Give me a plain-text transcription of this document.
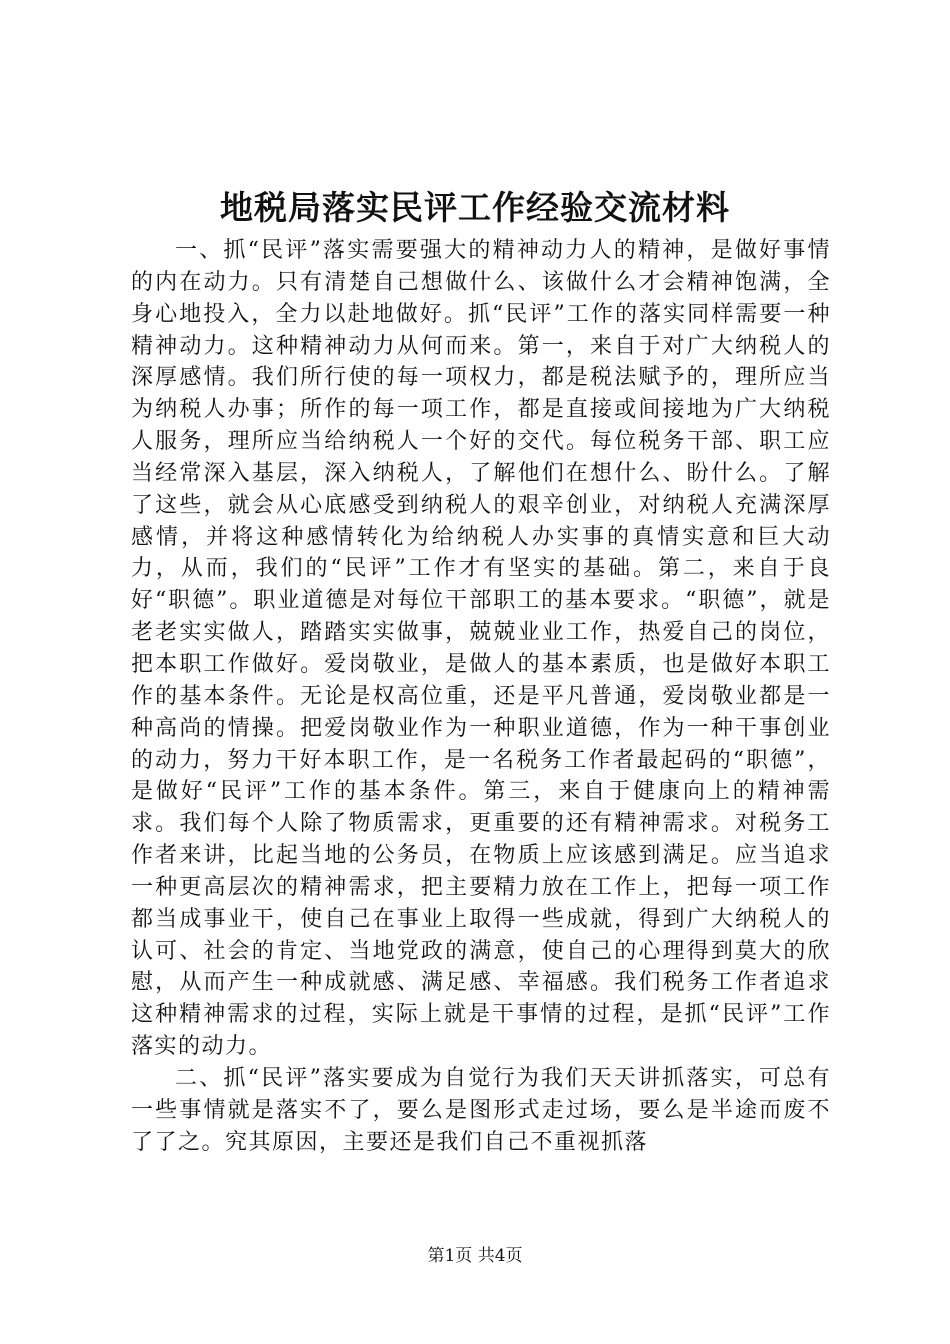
地税局落实民评工作经验交流材料

一、抓“民评”落实需要强大的精神动力人的精神，是做好事情的内在动力。只有清楚自己想做什么、该做什么才会精神饱满，全身心地投入，全力以赴地做好。抓“民评”工作的落实同样需要一种精神动力。这种精神动力从何而来。第一，来自于对广大纳税人的深厚感情。我们所行使的每一项权力，都是税法赋予的，理所应当为纳税人办事；所作的每一项工作，都是直接或间接地为广大纳税人服务，理所应当给纳税人一个好的交代。每位税务干部、职工应当经常深入基层，深入纳税人，了解他们在想什么、盼什么。了解了这些，就会从心底感受到纳税人的艰辛创业，对纳税人充满深厚感情，并将这种感情转化为给纳税人办实事的真情实意和巨大动力，从而，我们的“民评”工作才有坚实的基础。第二，来自于良好“职德”。职业道德是对每位干部职工的基本要求。“职德”，就是老老实实做人，踏踏实实做事，兢兢业业工作，热爱自己的岗位，把本职工作做好。爱岗敬业，是做人的基本素质，也是做好本职工作的基本条件。无论是权高位重，还是平凡普通，爱岗敬业都是一种高尚的情操。把爱岗敬业作为一种职业道德，作为一种干事创业的动力，努力干好本职工作，是一名税务工作者最起码的“职德”，是做好“民评”工作的基本条件。第三，来自于健康向上的精神需求。我们每个人除了物质需求，更重要的还有精神需求。对税务工作者来讲，比起当地的公务员，在物质上应该感到满足。应当追求一种更高层次的精神需求，把主要精力放在工作上，把每一项工作都当成事业干，使自己在事业上取得一些成就，得到广大纳税人的认可、社会的肯定、当地党政的满意，使自己的心理得到莫大的欣慰，从而产生一种成就感、满足感、幸福感。我们税务工作者追求这种精神需求的过程，实际上就是干事情的过程，是抓“民评”工作落实的动力。

二、抓“民评”落实要成为自觉行为我们天天讲抓落实，可总有一些事情就是落实不了，要么是图形式走过场，要么是半途而废不了了之。究其原因，主要还是我们自己不重视抓落

第1页 共4页
